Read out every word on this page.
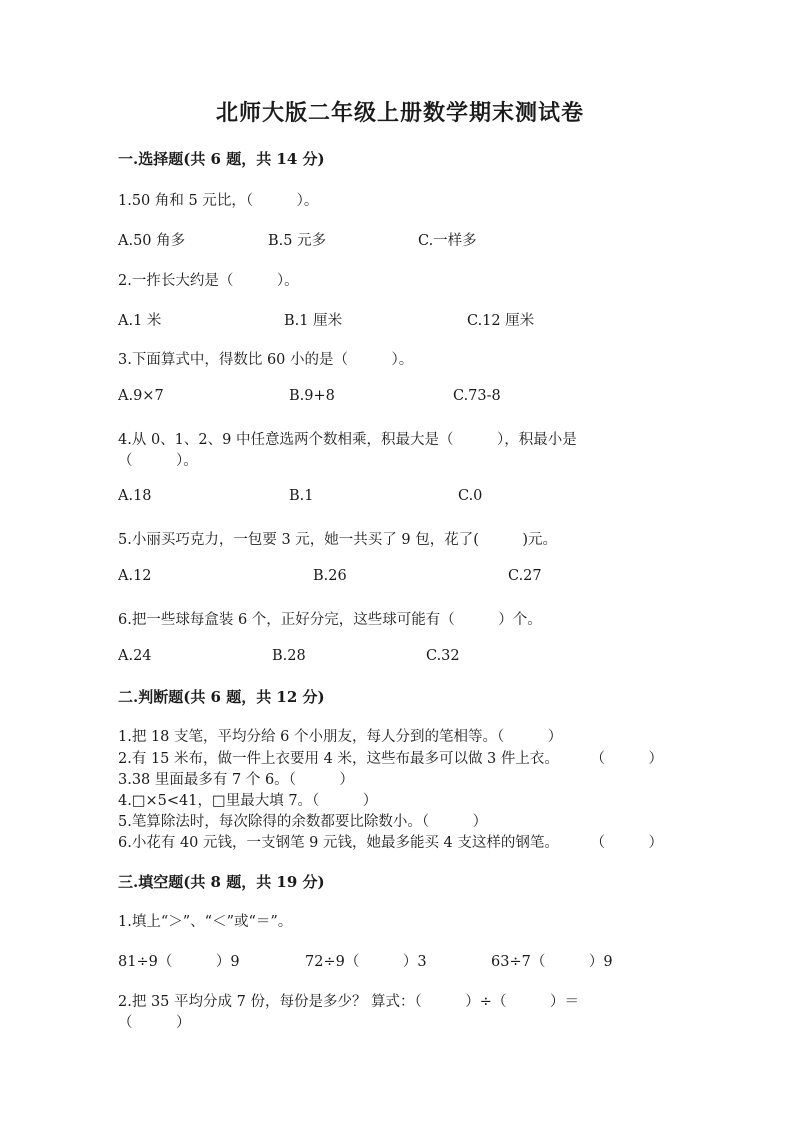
北师大版二年级上册数学期末测试卷
一.选择题(共 6 题，共 14 分)
1.50 角和 5 元比，（　　　）。
A.50 角多	B.5 元多	C.一样多
2.一拃长大约是（　　　）。
A.1 米	B.1 厘米	C.12 厘米
3.下面算式中，得数比 60 小的是（　　　）。
A.9×7	B.9+8	C.73-8
4.从 0、1、2、9 中任意选两个数相乘，积最大是（　　　），积最小是
（　　　）。
A.18	B.1	C.0
5.小丽买巧克力，一包要 3 元，她一共买了 9 包，花了(　　　)元。
A.12	B.26	C.27
6.把一些球每盒装 6 个，正好分完，这些球可能有（　　　）个。
A.24	B.28	C.32
二.判断题(共 6 题，共 12 分)
1.把 18 支笔，平均分给 6 个小朋友，每人分到的笔相等。（　　　）
2.有 15 米布，做一件上衣要用 4 米，这些布最多可以做 3 件上衣。 （　　　）
3.38 里面最多有 7 个 6。（　　　）
4.□×5<41，□里最大填 7。（　　　）
5.笔算除法时，每次除得的余数都要比除数小。（　　　）
6.小花有 40 元钱，一支钢笔 9 元钱，她最多能买 4 支这样的钢笔。 （　　　）
三.填空题(共 8 题，共 19 分)
1.填上“＞”、“＜”或“＝”。
81÷9（　　　）9	72÷9（　　　）3	63÷7（　　　）9
2.把 35 平均分成 7 份，每份是多少？ 算式：（　　　）÷（　　　）＝
（　　　）
